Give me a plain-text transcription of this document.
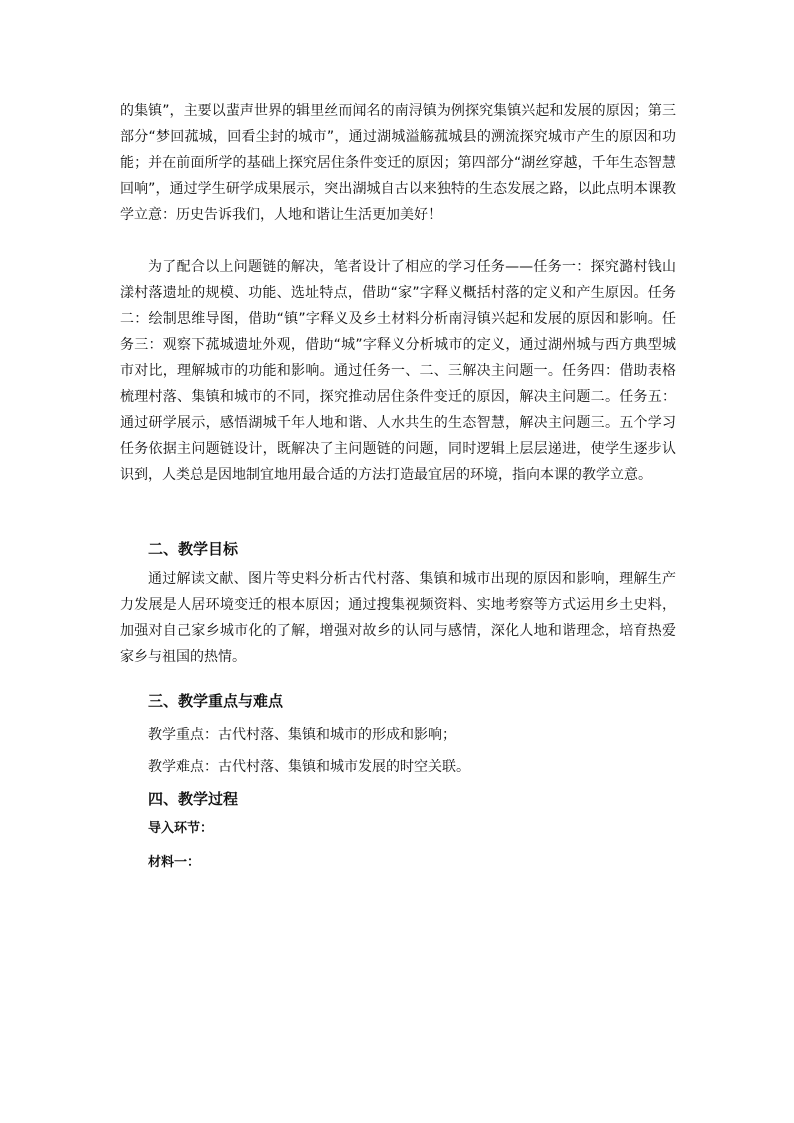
的集镇”，主要以蜚声世界的辑里丝而闻名的南浔镇为例探究集镇兴起和发展的原因；第三部分“梦回菰城，回看尘封的城市”，通过湖城溢觞菰城县的溯流探究城市产生的原因和功能；并在前面所学的基础上探究居住条件变迁的原因；第四部分“湖丝穿越，千年生态智慧回响”，通过学生研学成果展示，突出湖城自古以来独特的生态发展之路，以此点明本课教学立意：历史告诉我们，人地和谐让生活更加美好！

为了配合以上问题链的解决，笔者设计了相应的学习任务——任务一：探究潞村钱山漾村落遗址的规模、功能、选址特点，借助“家”字释义概括村落的定义和产生原因。任务二：绘制思维导图，借助“镇”字释义及乡土材料分析南浔镇兴起和发展的原因和影响。任务三：观察下菰城遗址外观，借助“城”字释义分析城市的定义，通过湖州城与西方典型城市对比，理解城市的功能和影响。通过任务一、二、三解决主问题一。任务四：借助表格梳理村落、集镇和城市的不同，探究推动居住条件变迁的原因，解决主问题二。任务五：通过研学展示，感悟湖城千年人地和谐、人水共生的生态智慧，解决主问题三。五个学习任务依据主问题链设计，既解决了主问题链的问题，同时逻辑上层层递进，使学生逐步认识到，人类总是因地制宜地用最合适的方法打造最宜居的环境，指向本课的教学立意。

二、教学目标

通过解读文献、图片等史料分析古代村落、集镇和城市出现的原因和影响，理解生产力发展是人居环境变迁的根本原因；通过搜集视频资料、实地考察等方式运用乡土史料，加强对自己家乡城市化的了解，增强对故乡的认同与感情，深化人地和谐理念，培育热爱家乡与祖国的热情。

三、教学重点与难点

教学重点：古代村落、集镇和城市的形成和影响；

教学难点：古代村落、集镇和城市发展的时空关联。

四、教学过程

导入环节：

材料一：
